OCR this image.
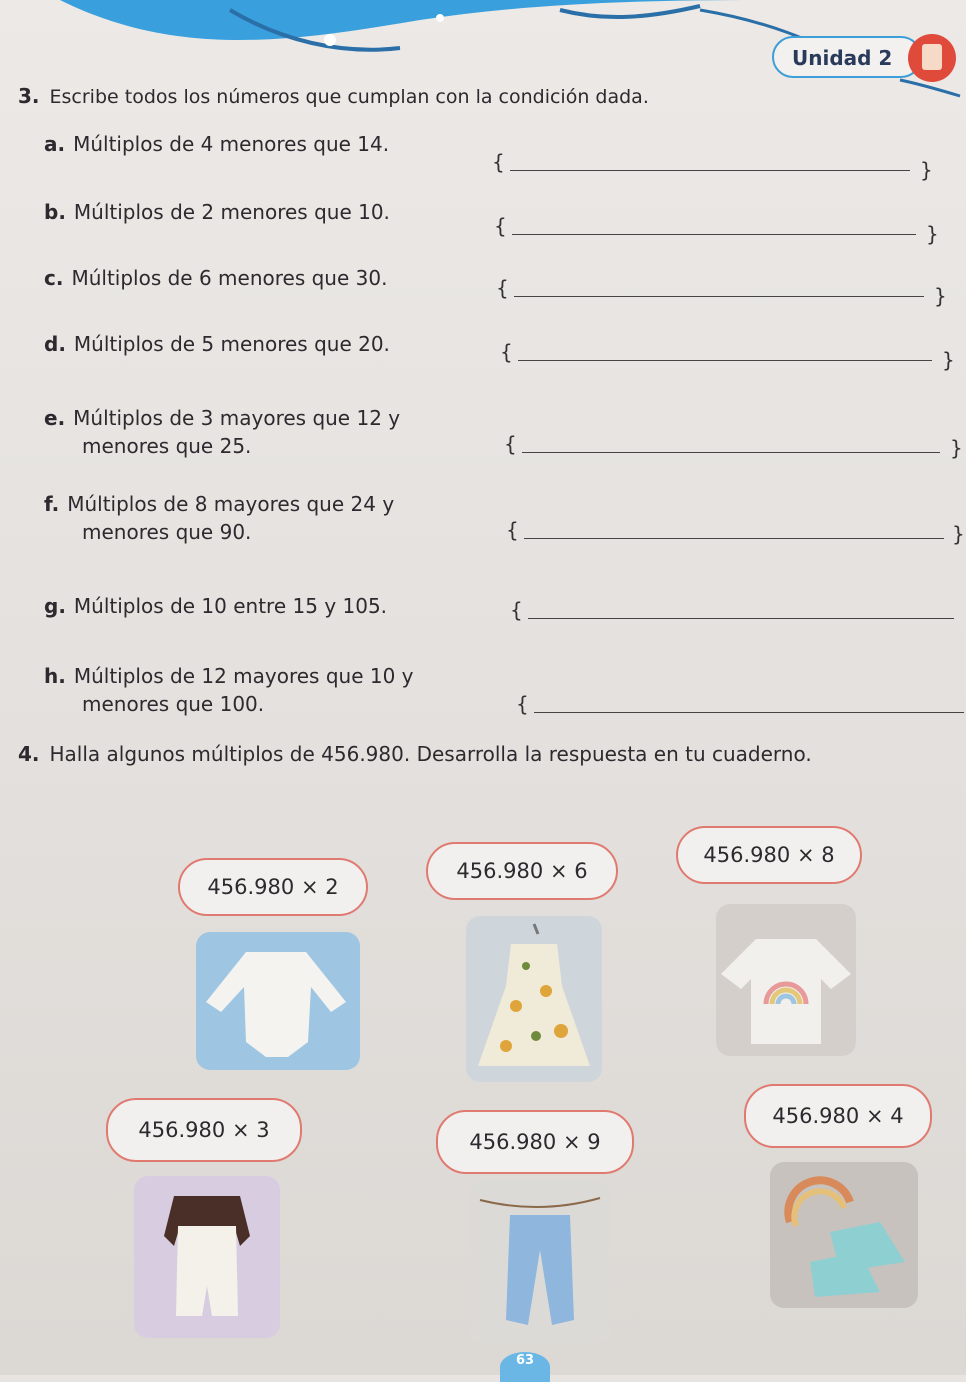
Unidad 2
3. Escribe todos los números que cumplan con la condición dada.
a. Múltiplos de 4 menores que 14.
{	}
b. Múltiplos de 2 menores que 10.
{	}
c. Múltiplos de 6 menores que 30.	{	}
d. Múltiplos de 5 menores que 20.	{	}
e. Múltiplos de 3 mayores que 12 y
menores que 25.	{	}
f. Múltiplos de 8 mayores que 24 y
menores que 90.	{	}
g. Múltiplos de 10 entre 15 y 105.	{
h. Múltiplos de 12 mayores que 10 y
menores que 100.	{
4. Halla algunos múltiplos de 456.980. Desarrolla la respuesta en tu cuaderno.
456.980 × 2
456.980 × 6
456.980 × 8
456.980 × 3	456.980 × 9
456.980 × 4
63
